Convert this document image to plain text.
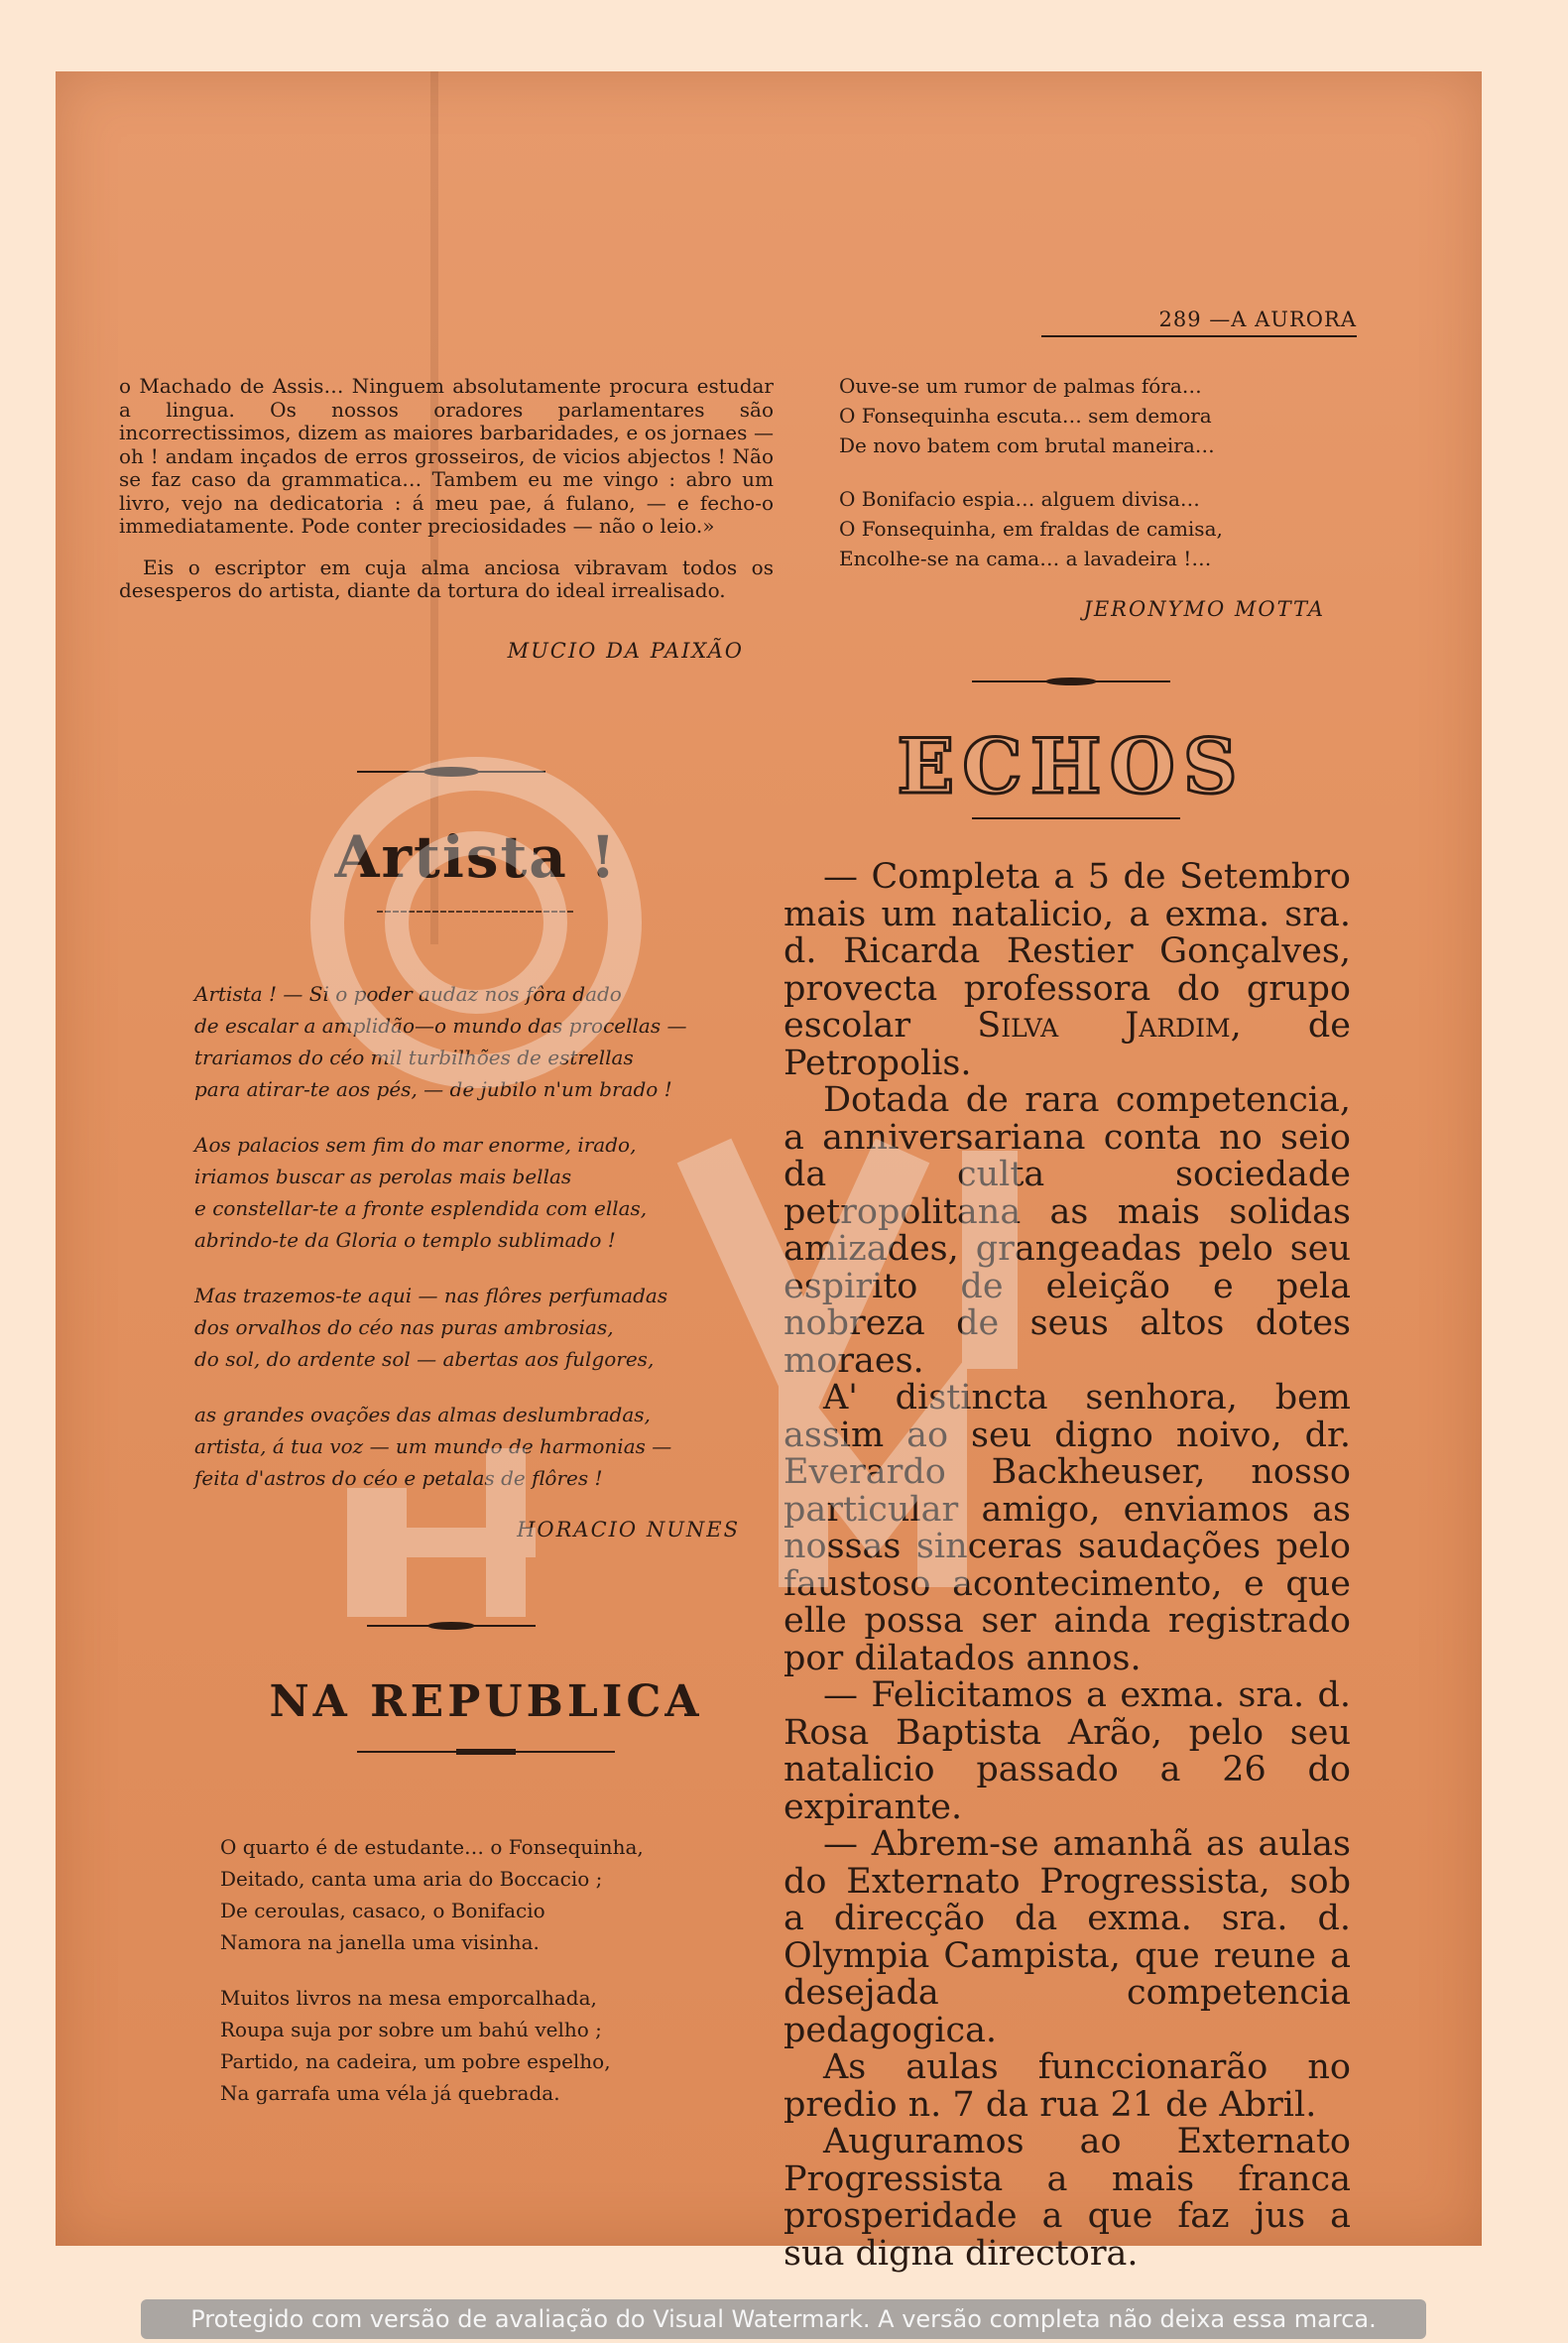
289 —A AURORA

o Machado de Assis… Ninguem absolutamente procura estudar a lingua. Os nossos oradores parlamentares são incorrectissimos, dizem as maiores barbaridades, e os jornaes — oh ! andam inçados de erros grosseiros, de vicios abjectos ! Não se faz caso da grammatica… Tambem eu me vingo : abro um livro, vejo na dedicatoria : á meu pae, á fulano, — e fecho-o immediatamente. Pode conter preciosidades — não o leio.»

Eis o escriptor em cuja alma anciosa vibravam todos os desesperos do artista, diante da tortura do ideal irrealisado.

MUCIO DA PAIXÃO
Artista !
Artista ! — Si o poder audaz nos fôra dado
de escalar a amplidão—o mundo das procellas —
trariamos do céo mil turbilhões de estrellas
para atirar-te aos pés, — de jubilo n'um brado !
Aos palacios sem fim do mar enorme, irado,
iriamos buscar as perolas mais bellas
e constellar-te a fronte esplendida com ellas,
abrindo-te da Gloria o templo sublimado !
Mas trazemos-te aqui — nas flôres perfumadas
dos orvalhos do céo nas puras ambrosias,
do sol, do ardente sol — abertas aos fulgores,
as grandes ovações das almas deslumbradas,
artista, á tua voz — um mundo de harmonias —
feita d'astros do céo e petalas de flôres !
HORACIO NUNES
NA REPUBLICA
O quarto é de estudante… o Fonsequinha,
Deitado, canta uma aria do Boccacio ;
De ceroulas, casaco, o Bonifacio
Namora na janella uma visinha.
Muitos livros na mesa emporcalhada,
Roupa suja por sobre um bahú velho ;
Partido, na cadeira, um pobre espelho,
Na garrafa uma véla já quebrada.
Ouve-se um rumor de palmas fóra…
O Fonsequinha escuta… sem demora
De novo batem com brutal maneira…
O Bonifacio espia… alguem divisa…
O Fonsequinha, em fraldas de camisa,
Encolhe-se na cama… a lavadeira !…
JERONYMO MOTTA
ECHOS

— Completa a 5 de Setembro mais um natalicio, a exma. sra. d. Ricarda Restier Gonçalves, provecta professora do grupo escolar Silva Jardim, de Petropolis.

Dotada de rara competencia, a anniversariana conta no seio da culta sociedade petropolitana as mais solidas amizades, grangeadas pelo seu espirito de eleição e pela nobreza de seus altos dotes moraes.

A' distincta senhora, bem assim ao seu digno noivo, dr. Everardo Backheuser, nosso particular amigo, enviamos as nossas sinceras saudações pelo faustoso acontecimento, e que elle possa ser ainda registrado por dilatados annos.

— Felicitamos a exma. sra. d. Rosa Baptista Arão, pelo seu natalicio passado a 26 do expirante.

— Abrem-se amanhã as aulas do Externato Progressista, sob a direcção da exma. sra. d. Olympia Campista, que reune a desejada competencia pedagogica.

As aulas funccionarão no predio n. 7 da rua 21 de Abril.

Auguramos ao Externato Progressista a mais franca prosperidade a que faz jus a sua digna directora.

Protegido com versão de avaliação do Visual Watermark. A versão completa não deixa essa marca.
